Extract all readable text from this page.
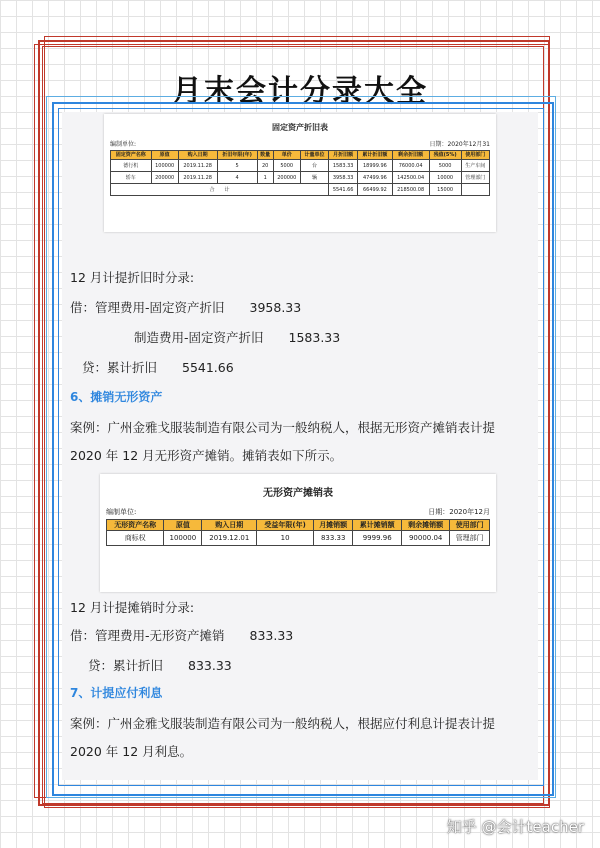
月末会计分录大全
固定资产折旧表
编制单位:	日期：2020年12月31
固定资产名称	原值	购入日期	折旧年限(年)	数量	单价	计量单位	月折旧额	累计折旧额	剩余折旧额	残值(5%)	使用部门
德行机	100000	2019.11.28	5	20	5000	台	1583.33	18999.96	76000.04	5000	生产车间
轿车	200000	2019.11.28	4	1	200000	辆	3958.33	47499.96	142500.04	10000	管理部门
合　　计							5541.66	66499.92	218500.08	15000	
12 月计提折旧时分录:
借：管理费用-固定资产折旧　　3958.33
制造费用-固定资产折旧　　1583.33
贷：累计折旧　　5541.66
6、摊销无形资产
案例：广州金雅戈服装制造有限公司为一般纳税人，根据无形资产摊销表计提
2020 年 12 月无形资产摊销。摊销表如下所示。
无形资产摊销表
编制单位:	日期：2020年12月
无形资产名称	原值	购入日期	受益年限(年)	月摊销额	累计摊销额	剩余摊销额	使用部门
商标权	100000	2019.12.01	10	833.33	9999.96	90000.04	管理部门
12 月计提摊销时分录:
借：管理费用-无形资产摊销　　833.33
贷：累计折旧　　833.33
7、计提应付利息
案例：广州金雅戈服装制造有限公司为一般纳税人，根据应付利息计提表计提
2020 年 12 月利息。
知乎 @会计teacher
